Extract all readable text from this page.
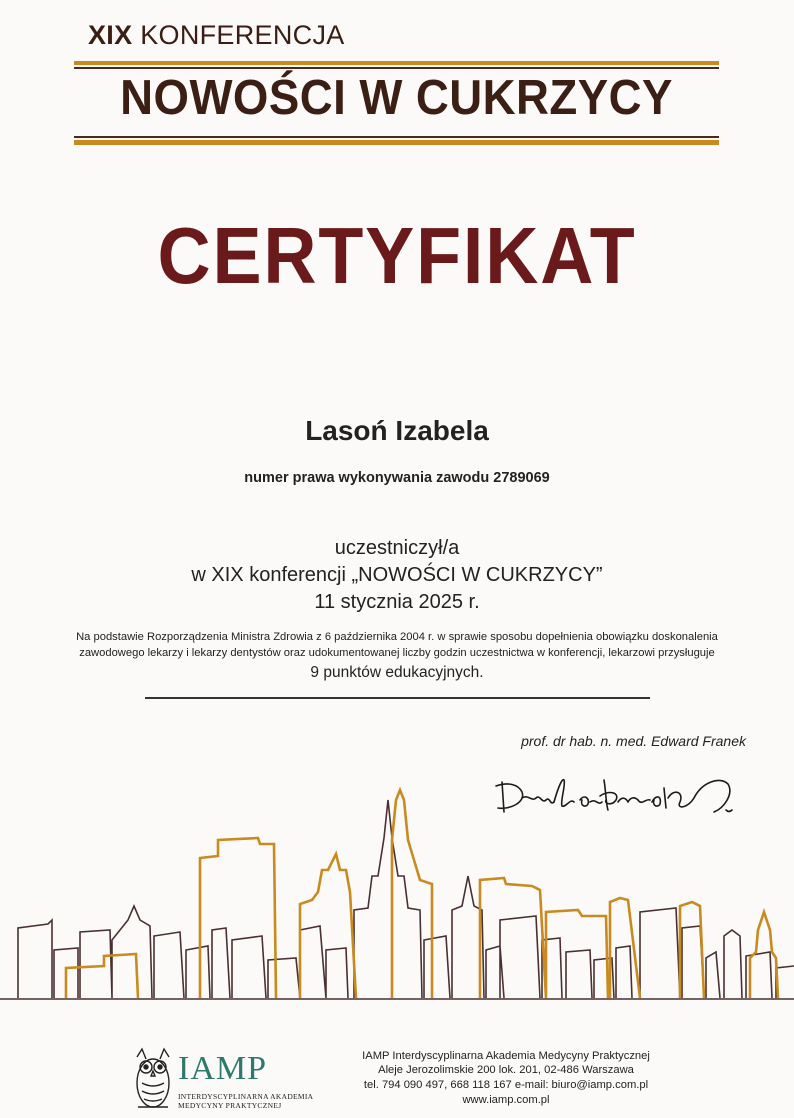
XIX KONFERENCJA
NOWOŚCI W CUKRZYCY
CERTYFIKAT
Lasoń Izabela
numer prawa wykonywania zawodu 2789069
uczestniczył/a
w XIX konferencji „NOWOŚCI W CUKRZYCY”
11 stycznia 2025 r.
Na podstawie Rozporządzenia Ministra Zdrowia z 6 października 2004 r. w sprawie sposobu dopełnienia obowiązku doskonalenia
zawodowego lekarzy i lekarzy dentystów oraz udokumentowanej liczby godzin uczestnictwa w konferencji, lekarzowi przysługuje
9 punktów edukacyjnych.
prof. dr hab. n. med. Edward Franek
IAMP
INTERDYSCYPLINARNA AKADEMIA
MEDYCYNY PRAKTYCZNEJ
IAMP Interdyscyplinarna Akademia Medycyny Praktycznej
Aleje Jerozolimskie 200 lok. 201, 02-486 Warszawa
tel. 794 090 497, 668 118 167 e-mail: biuro@iamp.com.pl
www.iamp.com.pl
